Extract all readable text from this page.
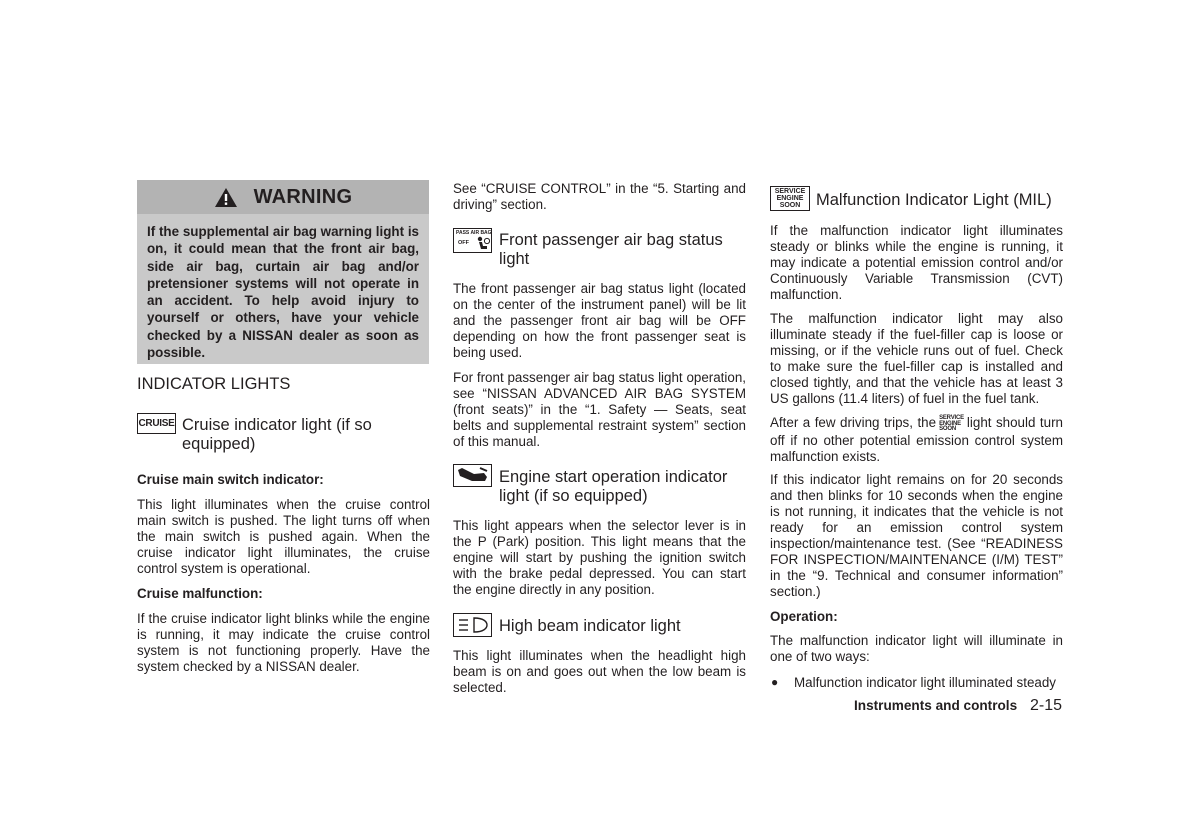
WARNING

If the supplemental air bag warning light is on, it could mean that the front air bag, side air bag, curtain air bag and/or pretensioner systems will not operate in an accident. To help avoid injury to yourself or others, have your vehicle checked by a NISSAN dealer as soon as possible.

INDICATOR LIGHTS
CRUISE Cruise indicator light (if so
equipped)
Cruise main switch indicator:

This light illuminates when the cruise control main switch is pushed. The light turns off when the main switch is pushed again. When the cruise indicator light illuminates, the cruise control system is operational.

Cruise malfunction:

If the cruise indicator light blinks while the engine is running, it may indicate the cruise control system is not functioning properly. Have the system checked by a NISSAN dealer.

See “CRUISE CONTROL” in the “5. Starting and driving” section.

PASS AIR BAG
OFF Front passenger air bag status
light

The front passenger air bag status light (located on the center of the instrument panel) will be lit and the passenger front air bag will be OFF depending on how the front passenger seat is being used.

For front passenger air bag status light operation, see “NISSAN ADVANCED AIR BAG SYSTEM (front seats)” in the “1. Safety — Seats, seat belts and supplemental restraint system” section of this manual.

Engine start operation indicator
light (if so equipped)

This light appears when the selector lever is in the P (Park) position. This light means that the engine will start by pushing the ignition switch with the brake pedal depressed. You can start the engine directly in any position.

High beam indicator light

This light illuminates when the headlight high beam is on and goes out when the low beam is selected.

SERVICE
ENGINE
SOON Malfunction Indicator Light (MIL)

If the malfunction indicator light illuminates steady or blinks while the engine is running, it may indicate a potential emission control and/or Continuously Variable Transmission (CVT) malfunction.

The malfunction indicator light may also illuminate steady if the fuel-filler cap is loose or missing, or if the vehicle runs out of fuel. Check to make sure the fuel-filler cap is installed and closed tightly, and that the vehicle has at least 3 US gallons (11.4 liters) of fuel in the fuel tank.

After a few driving trips, the SERVICE
ENGINE
SOON light should turn off if no other potential emission control system malfunction exists.

If this indicator light remains on for 20 seconds and then blinks for 10 seconds when the engine is not running, it indicates that the vehicle is not ready for an emission control system inspection/maintenance test. (See “READINESS FOR INSPECTION/MAINTENANCE (I/M) TEST” in the “9. Technical and consumer information” section.)

Operation:

The malfunction indicator light will illuminate in one of two ways:

● Malfunction indicator light illuminated steady
Instruments and controls 2-15
